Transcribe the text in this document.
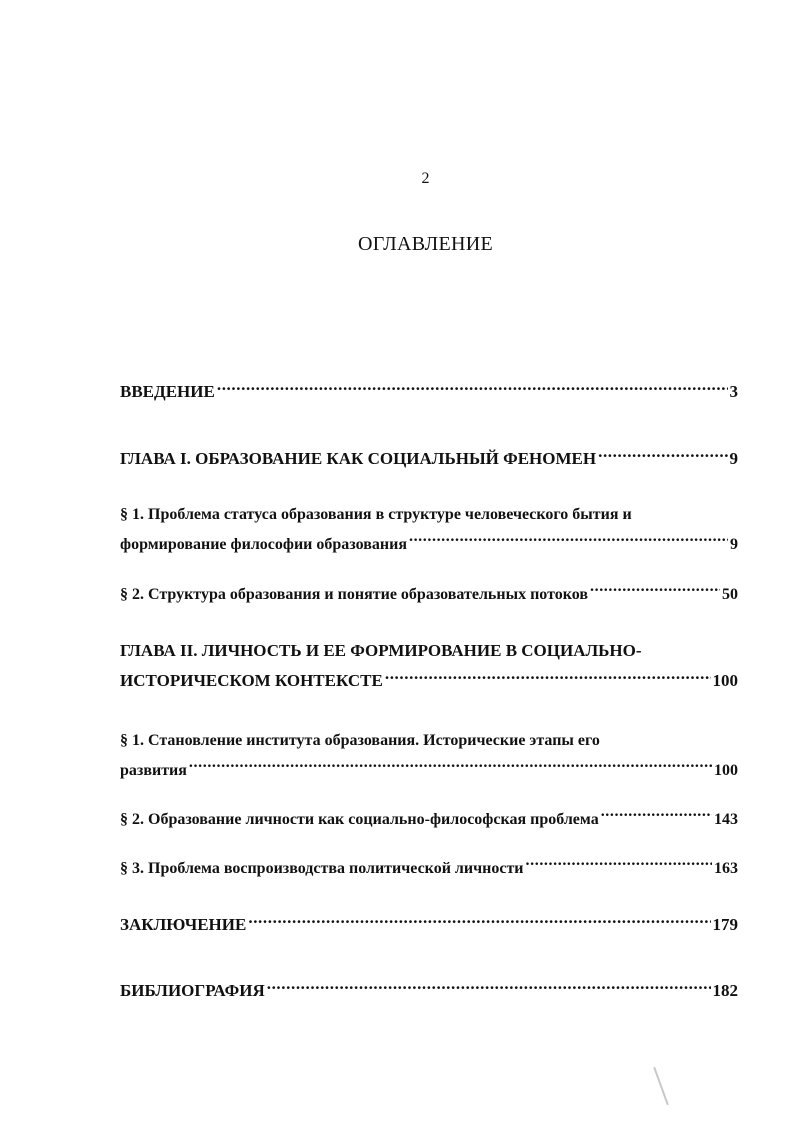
2
ОГЛАВЛЕНИЕ
ВВЕДЕНИЕ .....	3
ГЛАВА I. ОБРАЗОВАНИЕ КАК СОЦИАЛЬНЫЙ ФЕНОМЕН .....	9
§ 1. Проблема статуса образования в структуре человеческого бытия и
формирование философии образования .....	9
§ 2. Структура образования и понятие образовательных потоков .....	50
ГЛАВА II. ЛИЧНОСТЬ И ЕЕ ФОРМИРОВАНИЕ В СОЦИАЛЬНО-
ИСТОРИЧЕСКОМ КОНТЕКСТЕ .....	100
§ 1. Становление института образования. Исторические этапы его
развития .....	100
§ 2. Образование личности как социально-философская проблема .....	143
§ 3. Проблема воспроизводства политической личности .....	163
ЗАКЛЮЧЕНИЕ .....	179
БИБЛИОГРАФИЯ .....	182
